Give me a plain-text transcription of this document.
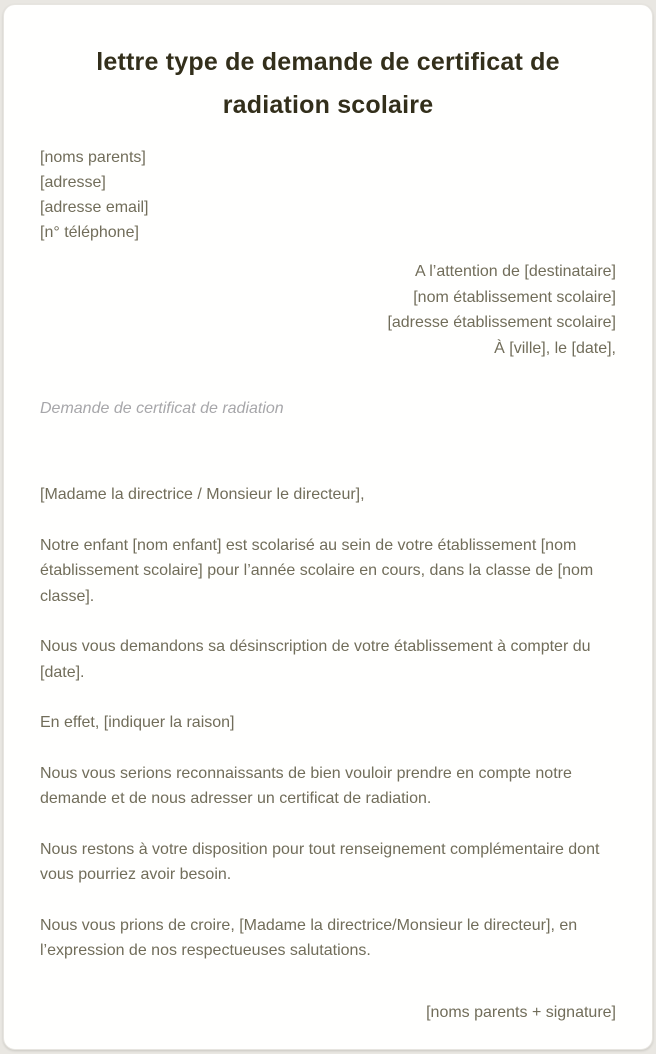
lettre type de demande de certificat de radiation scolaire
[noms parents]
[adresse]
[adresse email]
[n° téléphone]
A l’attention de [destinataire]
[nom établissement scolaire]
[adresse établissement scolaire]
À [ville], le [date],
Demande de certificat de radiation

[Madame la directrice / Monsieur le directeur],

Notre enfant [nom enfant] est scolarisé au sein de votre établissement [nom établissement scolaire] pour l’année scolaire en cours, dans la classe de [nom classe].

Nous vous demandons sa désinscription de votre établissement à compter du [date].

En effet, [indiquer la raison]

Nous vous serions reconnaissants de bien vouloir prendre en compte notre demande et de nous adresser un certificat de radiation.

Nous restons à votre disposition pour tout renseignement complémentaire dont vous pourriez avoir besoin.

Nous vous prions de croire, [Madame la directrice/Monsieur le directeur], en l’expression de nos respectueuses salutations.

[noms parents + signature]
